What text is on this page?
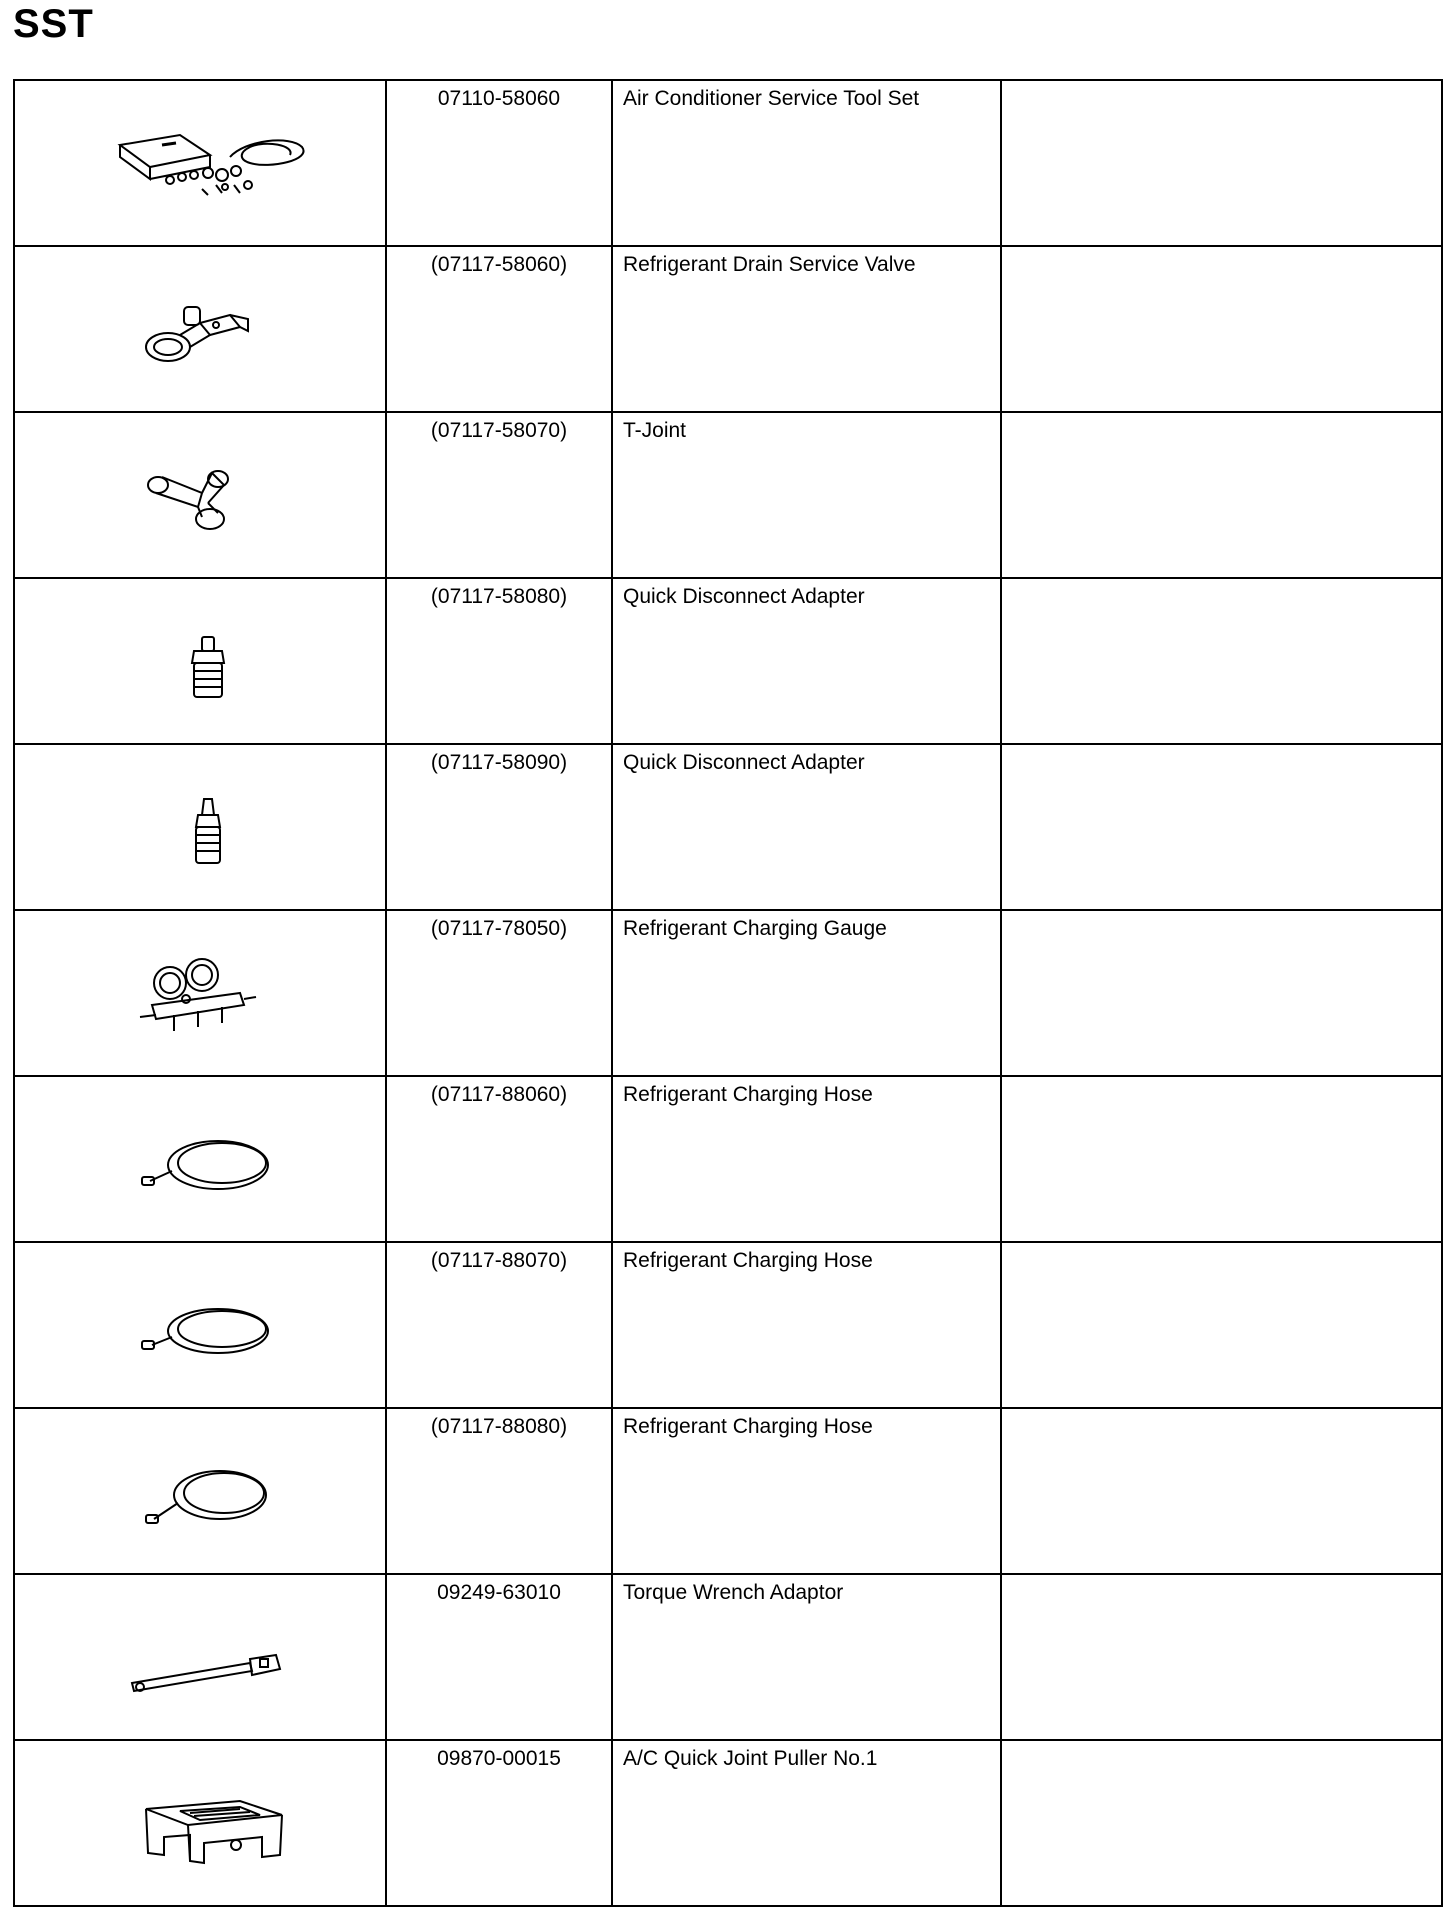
SST

07110-58060	Air Conditioner Service Tool Set	

(07117-58060)	Refrigerant Drain Service Valve	

(07117-58070)	T-Joint	

(07117-58080)	Quick Disconnect Adapter	

(07117-58090)	Quick Disconnect Adapter	

(07117-78050)	Refrigerant Charging Gauge	

(07117-88060)	Refrigerant Charging Hose	

(07117-88070)	Refrigerant Charging Hose	

(07117-88080)	Refrigerant Charging Hose	

09249-63010	Torque Wrench Adaptor	

09870-00015	A/C Quick Joint Puller No.1	
